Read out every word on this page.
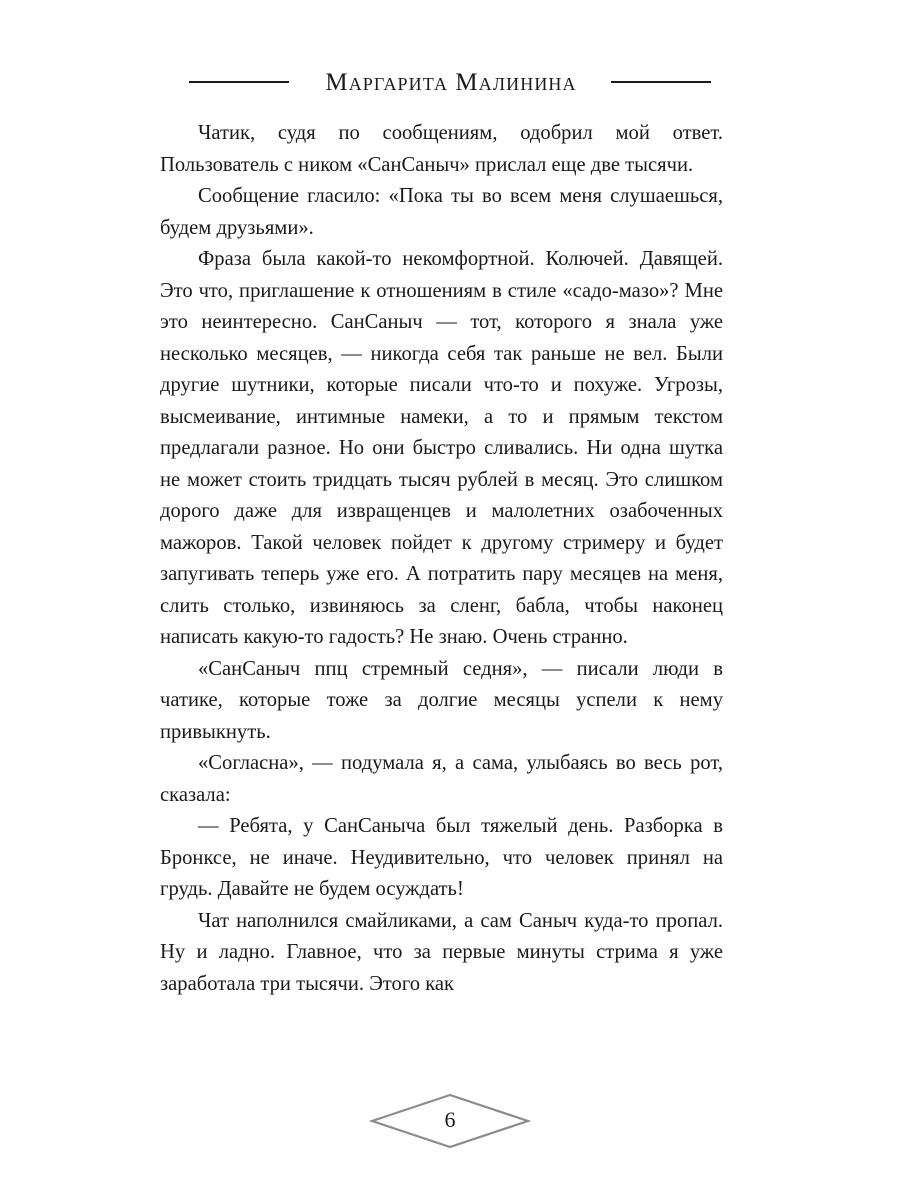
Маргарита Малинина

Чатик, судя по сообщениям, одобрил мой ответ. Пользователь с ником «СанСаныч» прислал еще две тысячи.

Сообщение гласило: «Пока ты во всем меня слушаешься, будем друзьями».

Фраза была какой-то некомфортной. Колючей. Давящей. Это что, приглашение к отношениям в стиле «садо-мазо»? Мне это неинтересно. СанСаныч — тот, которого я знала уже несколько месяцев, — никогда себя так раньше не вел. Были другие шутники, которые писали что-то и похуже. Угрозы, высмеивание, интимные намеки, а то и прямым текстом предлагали разное. Но они быстро сливались. Ни одна шутка не может стоить тридцать тысяч рублей в месяц. Это слишком дорого даже для извращенцев и малолетних озабоченных мажоров. Такой человек пойдет к другому стримеру и будет запугивать теперь уже его. А потратить пару месяцев на меня, слить столько, извиняюсь за сленг, бабла, чтобы наконец написать какую-то гадость? Не знаю. Очень странно.

«СанСаныч ппц стремный седня», — писали люди в чатике, которые тоже за долгие месяцы успели к нему привыкнуть.

«Согласна», — подумала я, а сама, улыбаясь во весь рот, сказала:

— Ребята, у СанСаныча был тяжелый день. Разборка в Бронксе, не иначе. Неудивительно, что человек принял на грудь. Давайте не будем осуждать!

Чат наполнился смайликами, а сам Саныч куда-то пропал. Ну и ладно. Главное, что за первые минуты стрима я уже заработала три тысячи. Этого как

6
